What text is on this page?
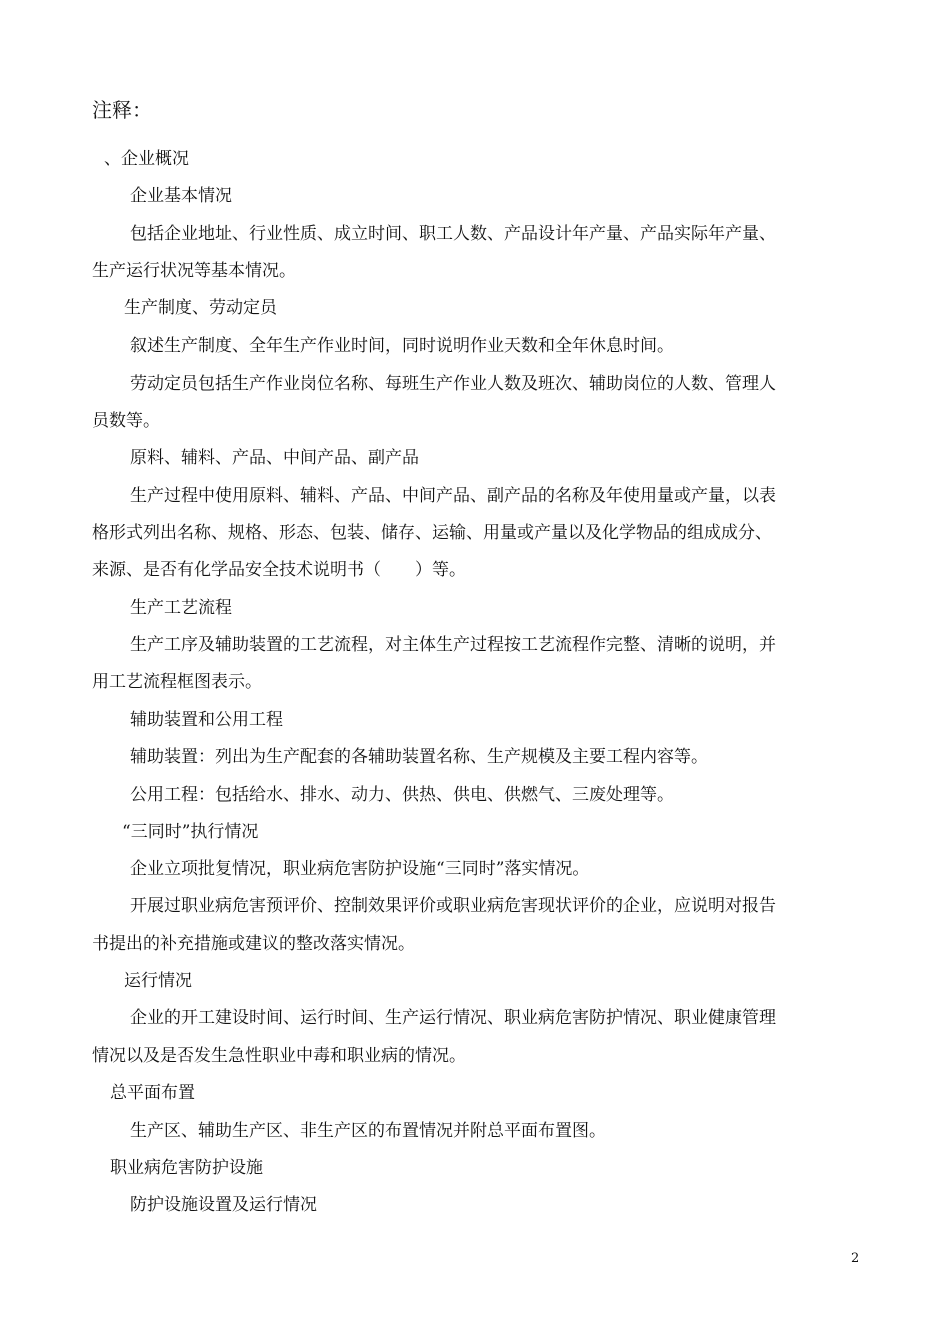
注释：
、企业概况
企业基本情况
包括企业地址、行业性质、成立时间、职工人数、产品设计年产量、产品实际年产量、
生产运行状况等基本情况。
生产制度、劳动定员
叙述生产制度、全年生产作业时间，同时说明作业天数和全年休息时间。
劳动定员包括生产作业岗位名称、每班生产作业人数及班次、辅助岗位的人数、管理人
员数等。
原料、辅料、产品、中间产品、副产品
生产过程中使用原料、辅料、产品、中间产品、副产品的名称及年使用量或产量，以表
格形式列出名称、规格、形态、包装、储存、运输、用量或产量以及化学物品的组成成分、
来源、是否有化学品安全技术说明书（　　）等。
生产工艺流程
生产工序及辅助装置的工艺流程，对主体生产过程按工艺流程作完整、清晰的说明，并
用工艺流程框图表示。
辅助装置和公用工程
辅助装置：列出为生产配套的各辅助装置名称、生产规模及主要工程内容等。
公用工程：包括给水、排水、动力、供热、供电、供燃气、三废处理等。
“三同时”执行情况
企业立项批复情况，职业病危害防护设施“三同时”落实情况。
开展过职业病危害预评价、控制效果评价或职业病危害现状评价的企业，应说明对报告
书提出的补充措施或建议的整改落实情况。
运行情况
企业的开工建设时间、运行时间、生产运行情况、职业病危害防护情况、职业健康管理
情况以及是否发生急性职业中毒和职业病的情况。
总平面布置
生产区、辅助生产区、非生产区的布置情况并附总平面布置图。
职业病危害防护设施
防护设施设置及运行情况
2
